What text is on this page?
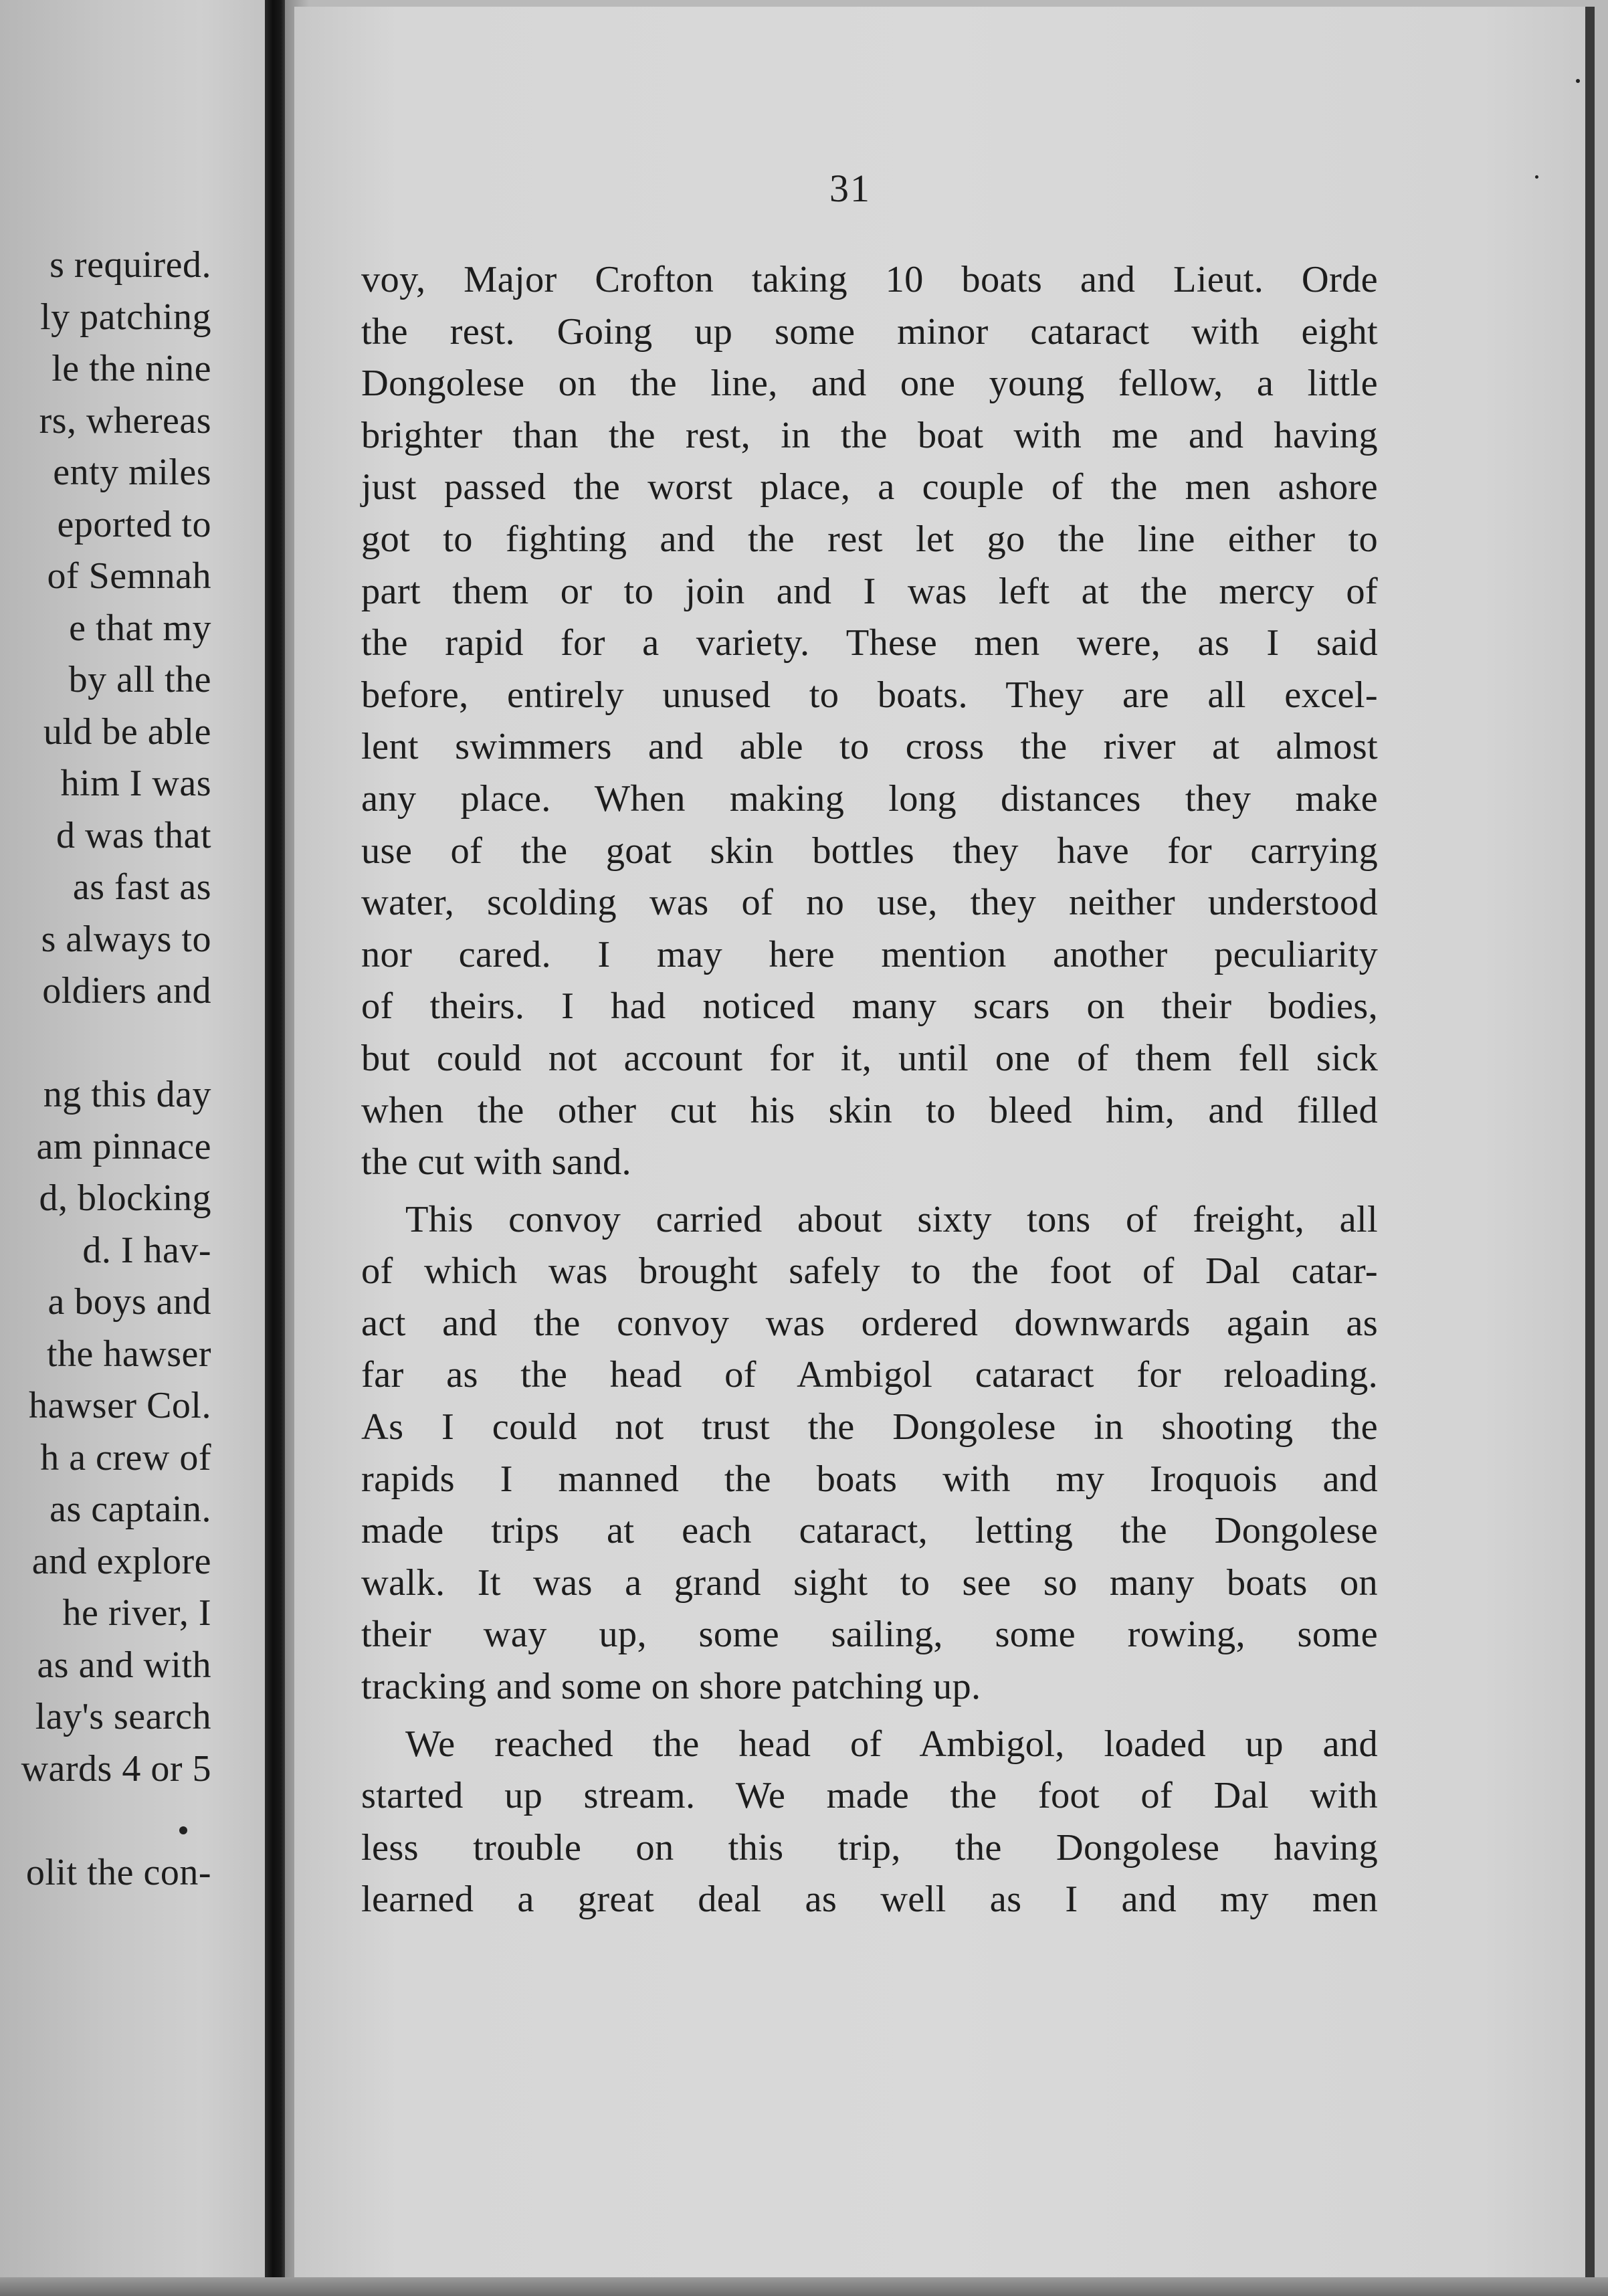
s required.
ly patching
le the nine
rs, whereas
enty miles
eported to
of Semnah
e that my
by all the
uld be able
him I was
d was that
as fast as
s always to
oldiers and
ng this day
am pinnace
d, blocking
d. I hav-
a boys and
the hawser
hawser Col.
h a crew of
as captain.
and explore
he river, I
as and with
lay's search
wards 4 or 5
olit the con-
31
voy, Major Crofton taking 10 boats and Lieut. Orde
the rest. Going up some minor cataract with eight
Dongolese on the line, and one young fellow, a little
brighter than the rest, in the boat with me and having
just passed the worst place, a couple of the men ashore
got to fighting and the rest let go the line either to
part them or to join and I was left at the mercy of
the rapid for a variety. These men were, as I said
before, entirely unused to boats. They are all excel-
lent swimmers and able to cross the river at almost
any place. When making long distances they make
use of the goat skin bottles they have for carrying
water, scolding was of no use, they neither understood
nor cared. I may here mention another peculiarity
of theirs. I had noticed many scars on their bodies,
but could not account for it, until one of them fell sick
when the other cut his skin to bleed him, and filled
the cut with sand.
This convoy carried about sixty tons of freight, all
of which was brought safely to the foot of Dal catar-
act and the convoy was ordered downwards again as
far as the head of Ambigol cataract for reloading.
As I could not trust the Dongolese in shooting the
rapids I manned the boats with my Iroquois and
made trips at each cataract, letting the Dongolese
walk. It was a grand sight to see so many boats on
their way up, some sailing, some rowing, some
tracking and some on shore patching up.
We reached the head of Ambigol, loaded up and
started up stream. We made the foot of Dal with
less trouble on this trip, the Dongolese having
learned a great deal as well as I and my men
